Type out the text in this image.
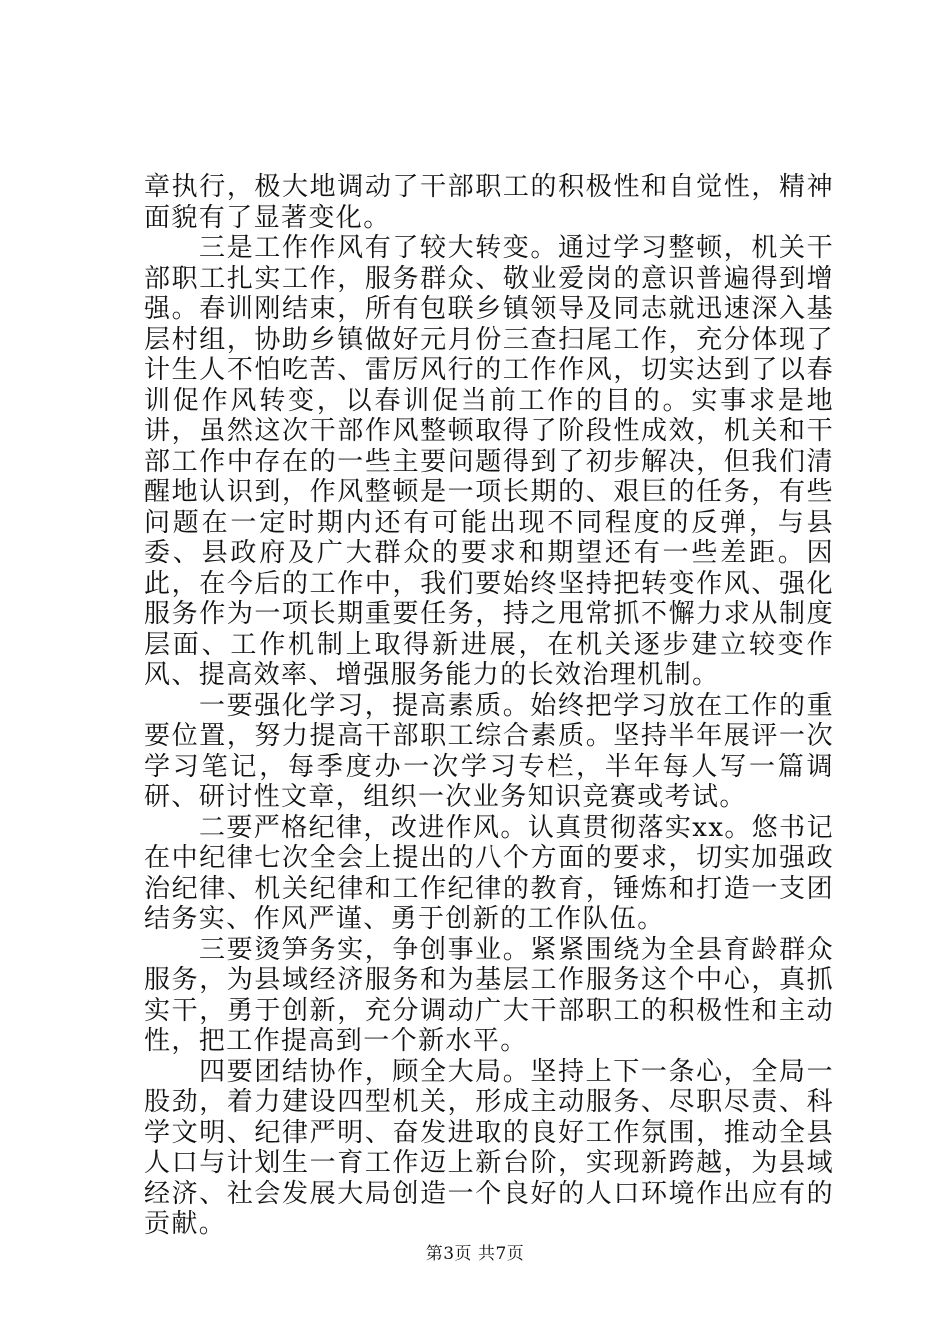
章执行，极大地调动了干部职工的积极性和自觉性，精神面貌有了显著变化。

三是工作作风有了较大转变。通过学习整顿，机关干部职工扎实工作，服务群众、敬业爱岗的意识普遍得到增强。春训刚结束，所有包联乡镇领导及同志就迅速深入基层村组，协助乡镇做好元月份三查扫尾工作，充分体现了计生人不怕吃苦、雷厉风行的工作作风，切实达到了以春训促作风转变，以春训促当前工作的目的。实事求是地讲，虽然这次干部作风整顿取得了阶段性成效，机关和干部工作中存在的一些主要问题得到了初步解决，但我们清醒地认识到，作风整顿是一项长期的、艰巨的任务，有些问题在一定时期内还有可能出现不同程度的反弹，与县委、县政府及广大群众的要求和期望还有一些差距。因此，在今后的工作中，我们要始终坚持把转变作风、强化服务作为一项长期重要任务，持之甩常抓不懈力求从制度层面、工作机制上取得新进展，在机关逐步建立较变作风、提高效率、增强服务能力的长效治理机制。

一要强化学习，提高素质。始终把学习放在工作的重要位置，努力提高干部职工综合素质。坚持半年展评一次学习笔记，每季度办一次学习专栏，半年每人写一篇调研、研讨性文章，组织一次业务知识竞赛或考试。

二要严格纪律，改进作风。认真贯彻落实xx。悠书记在中纪律七次全会上提出的八个方面的要求，切实加强政治纪律、机关纪律和工作纪律的教育，锤炼和打造一支团结务实、作风严谨、勇于创新的工作队伍。

三要烫笋务实，争创事业。紧紧围绕为全县育龄群众服务，为县域经济服务和为基层工作服务这个中心，真抓实干，勇于创新，充分调动广大干部职工的积极性和主动性，把工作提高到一个新水平。

四要团结协作，顾全大局。坚持上下一条心，全局一股劲，着力建设四型机关，形成主动服务、尽职尽责、科学文明、纪律严明、奋发进取的良好工作氛围，推动全县人口与计划生一育工作迈上新台阶，实现新跨越，为县域经济、社会发展大局创造一个良好的人口环境作出应有的贡献。

第3页 共7页
